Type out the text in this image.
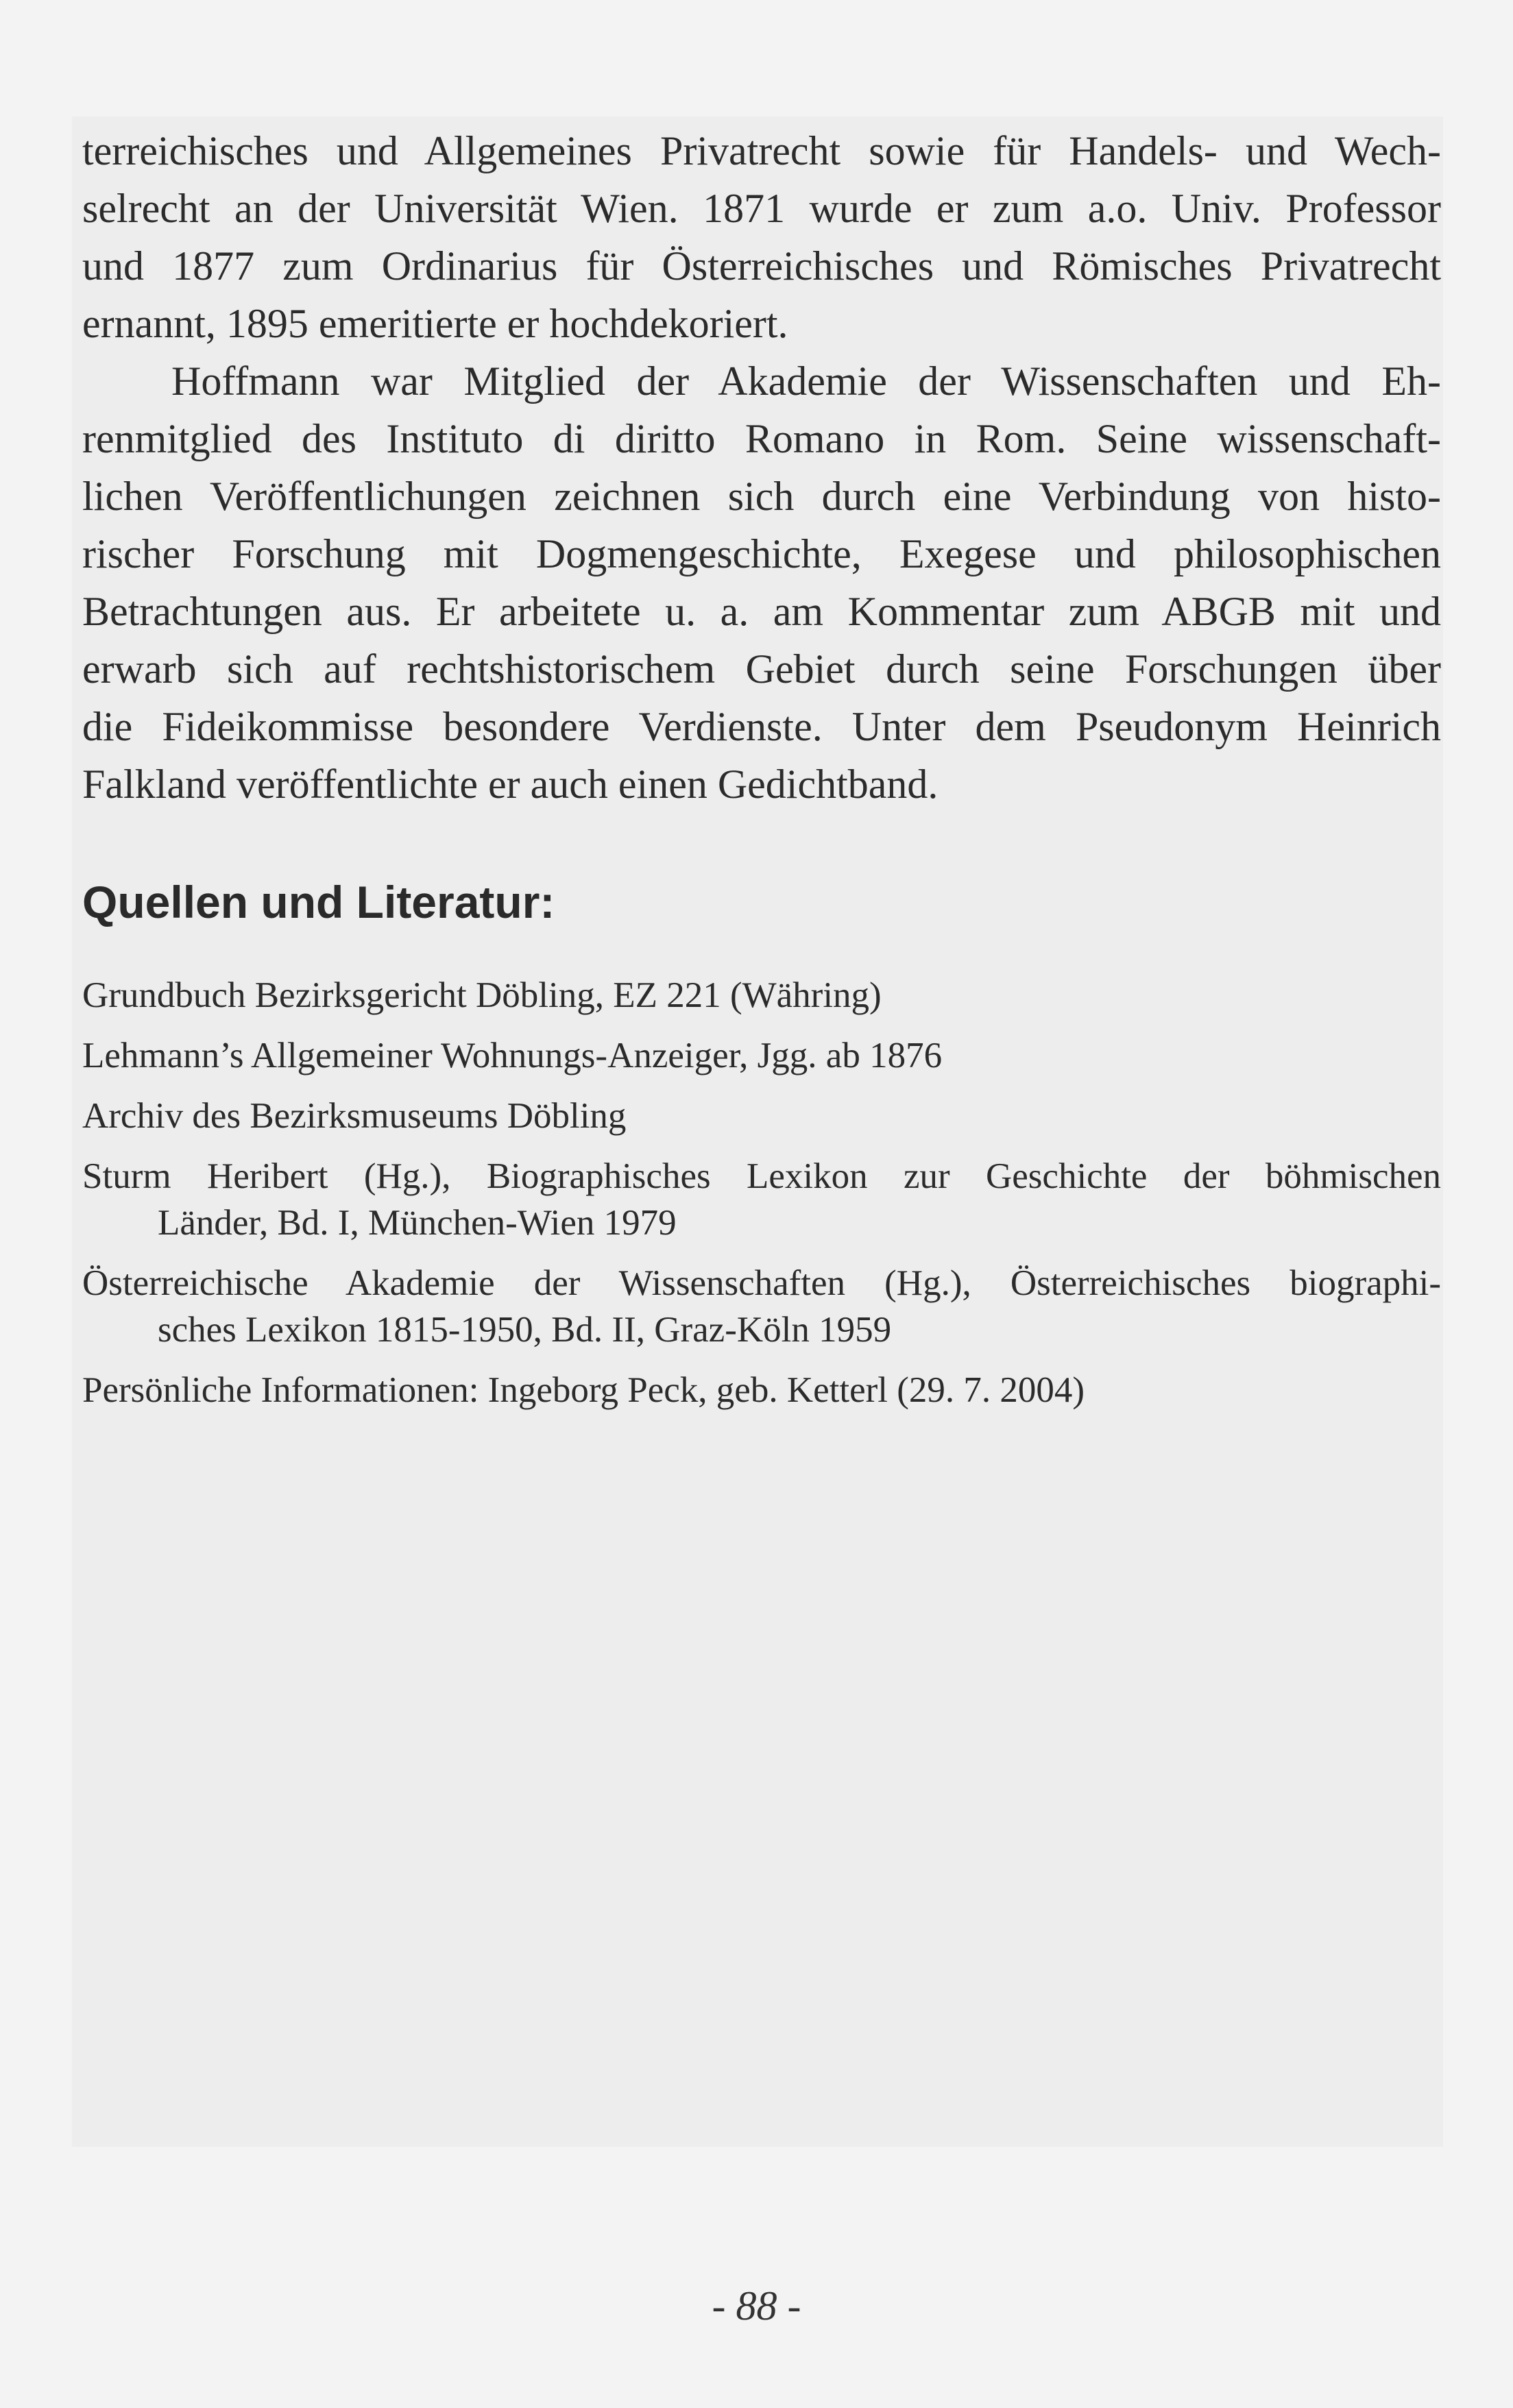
terreichisches und Allgemeines Privatrecht sowie für Handels- und Wech-
selrecht an der Universität Wien. 1871 wurde er zum a.o. Univ. Professor
und 1877 zum Ordinarius für Österreichisches und Römisches Privatrecht
ernannt, 1895 emeritierte er hochdekoriert.

Hoffmann war Mitglied der Akademie der Wissenschaften und Eh-
renmitglied des Instituto di diritto Romano in Rom. Seine wissenschaft-
lichen Veröffentlichungen zeichnen sich durch eine Verbindung von histo-
rischer Forschung mit Dogmengeschichte, Exegese und philosophischen
Betrachtungen aus. Er arbeitete u. a. am Kommentar zum ABGB mit und
erwarb sich auf rechtshistorischem Gebiet durch seine Forschungen über
die Fideikommisse besondere Verdienste. Unter dem Pseudonym Heinrich
Falkland veröffentlichte er auch einen Gedichtband.

Quellen und Literatur:
Grundbuch Bezirksgericht Döbling, EZ 221 (Währing)
Lehmann’s Allgemeiner Wohnungs-Anzeiger, Jgg. ab 1876
Archiv des Bezirksmuseums Döbling
Sturm Heribert (Hg.), Biographisches Lexikon zur Geschichte der böhmischen
Länder, Bd. I, München-Wien 1979
Österreichische Akademie der Wissenschaften (Hg.), Österreichisches biographi-
sches Lexikon 1815-1950, Bd. II, Graz-Köln 1959
Persönliche Informationen: Ingeborg Peck, geb. Ketterl (29. 7. 2004)
- 88 -
